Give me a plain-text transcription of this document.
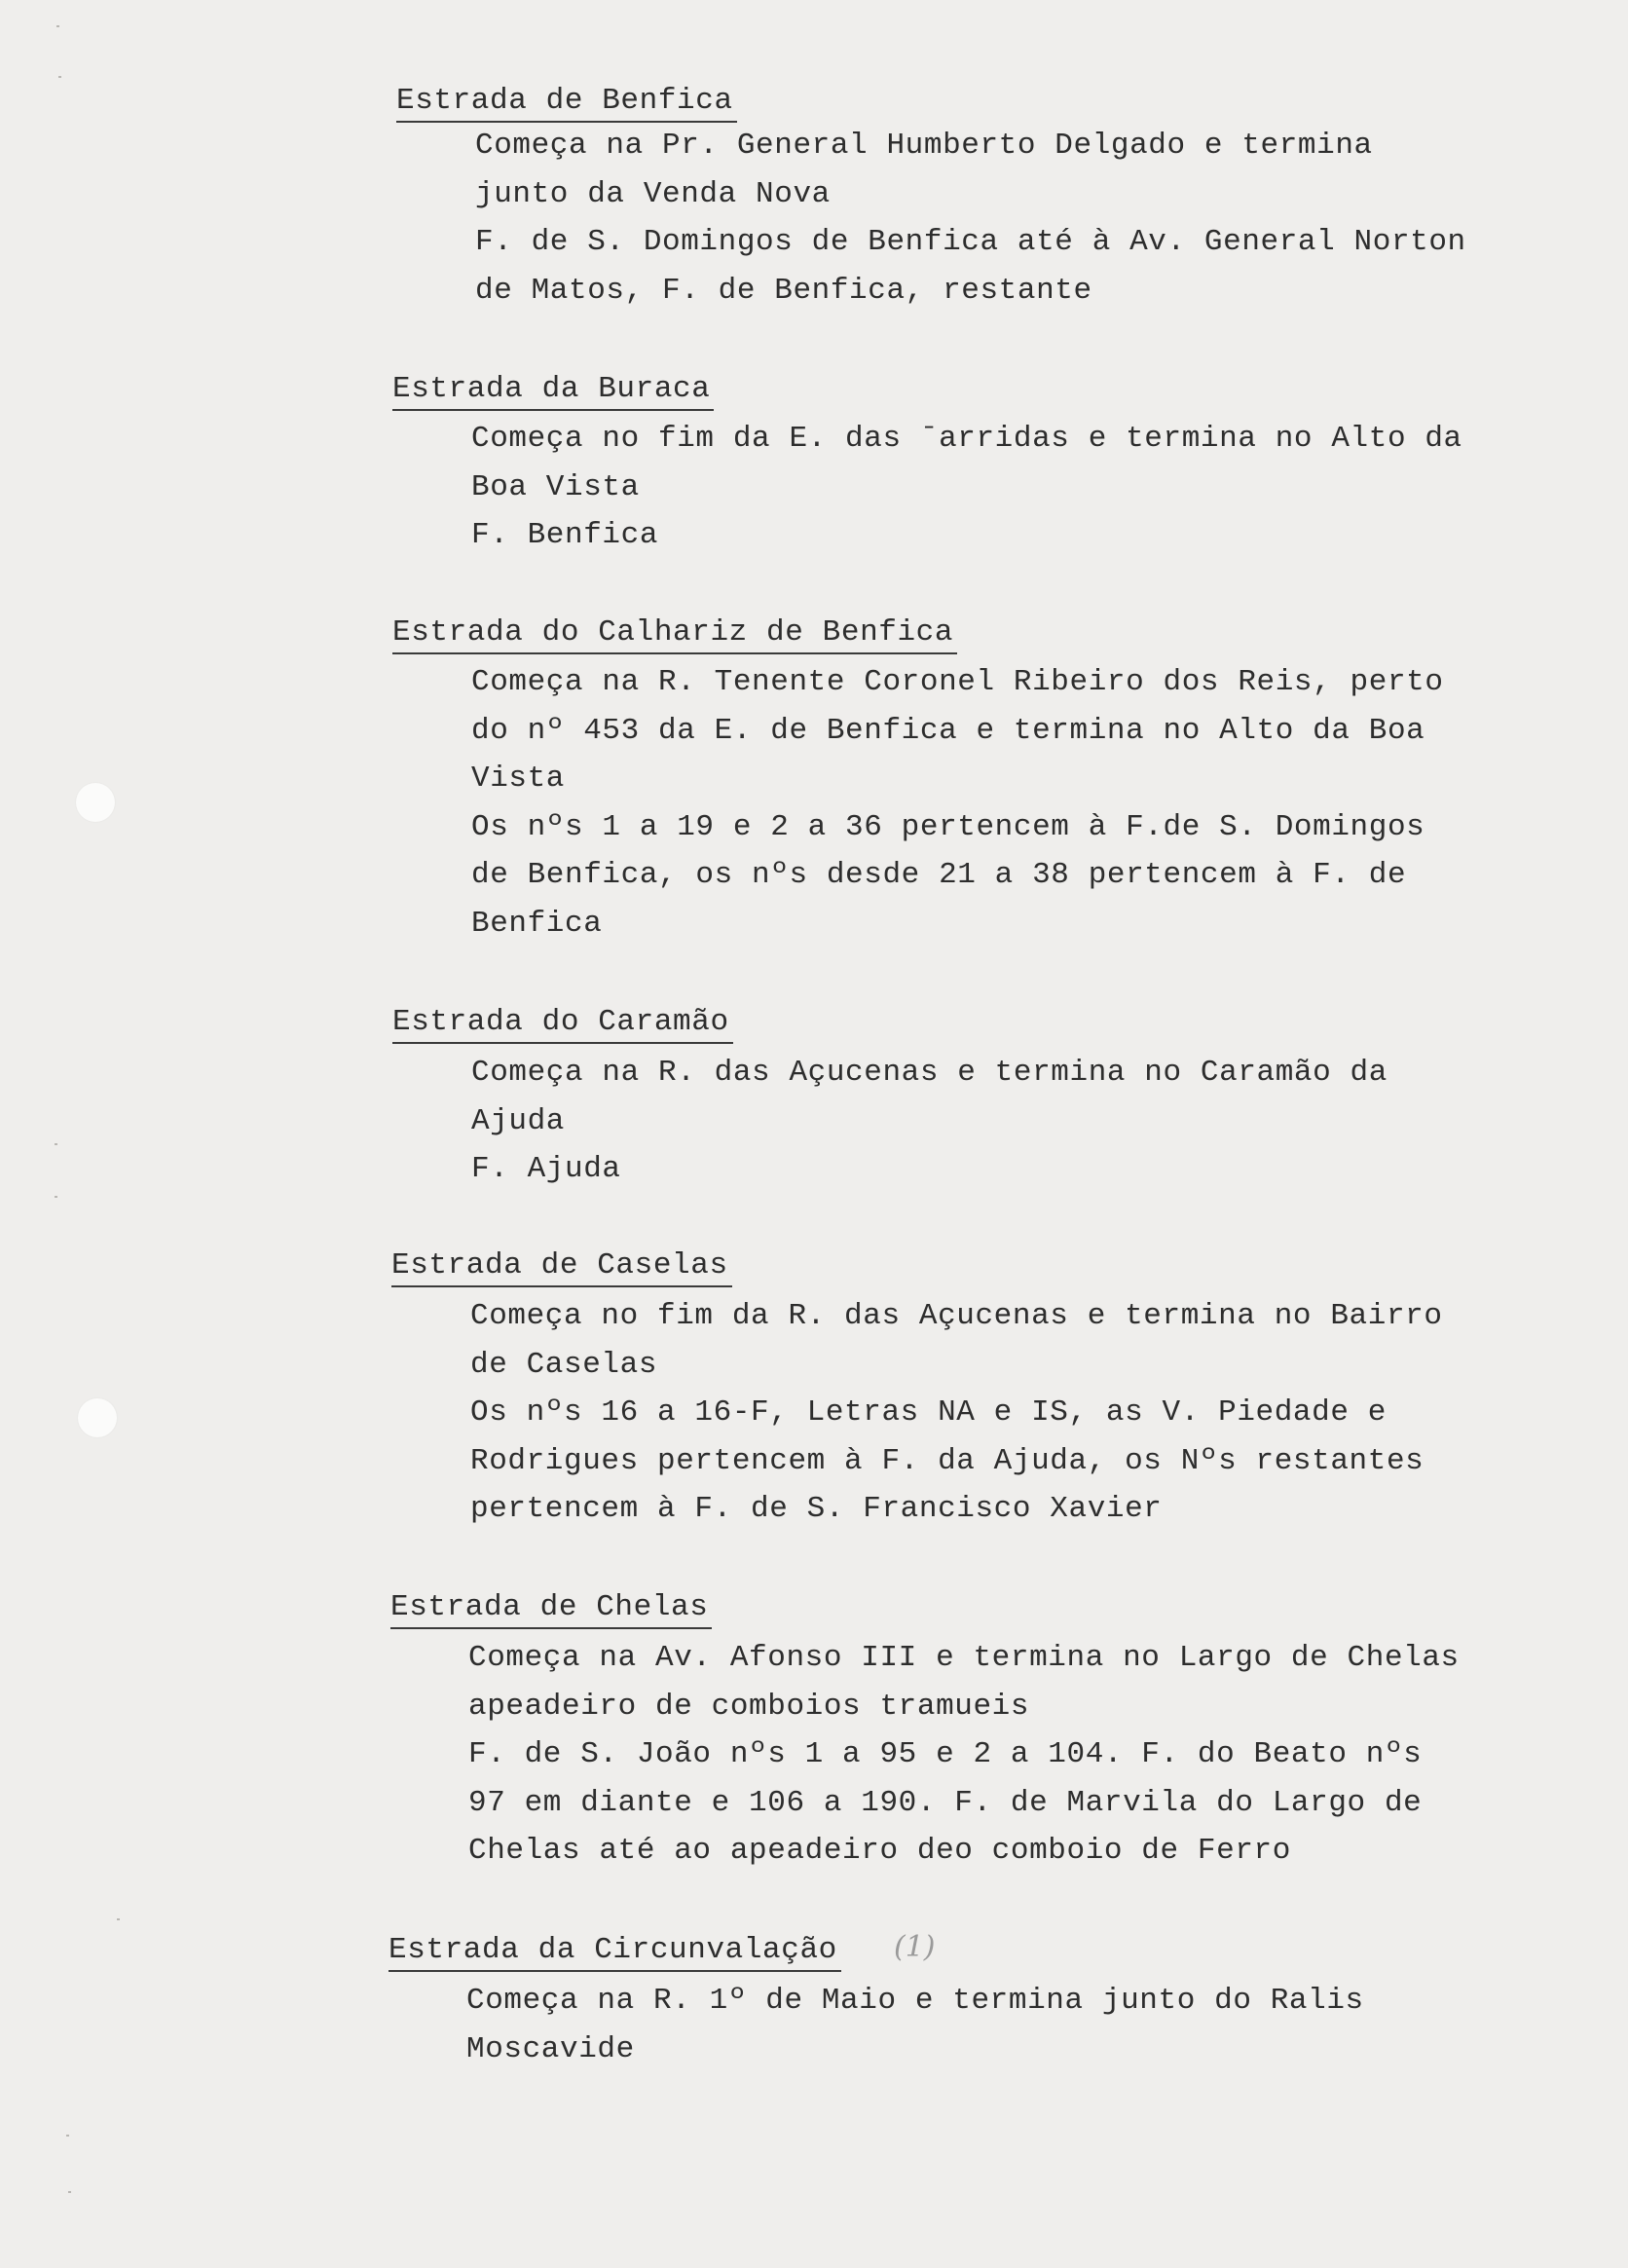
Estrada de Benfica
Começa na Pr. General Humberto Delgado e termina
junto da Venda Nova
F. de S. Domingos de Benfica até à Av. General Norton
de Matos, F. de Benfica, restante
Estrada da Buraca
Começa no fim da E. das ˉarridas e termina no Alto da
Boa Vista
F. Benfica
Estrada do Calhariz de Benfica
Começa na R. Tenente Coronel Ribeiro dos Reis, perto
do nº 453 da E. de Benfica e termina no Alto da Boa
Vista
Os nºs 1 a 19 e 2 a 36 pertencem à F.de S. Domingos
de Benfica, os nºs desde 21 a 38 pertencem à F. de
Benfica
Estrada do Caramão
Começa na R. das Açucenas e termina no Caramão da
Ajuda
F. Ajuda
Estrada de Caselas
Começa no fim da R. das Açucenas e termina no Bairro
de Caselas
Os nºs 16 a 16-F, Letras NA e IS, as V. Piedade e
Rodrigues pertencem à F. da Ajuda, os Nºs restantes
pertencem à F. de S. Francisco Xavier
Estrada de Chelas
Começa na Av. Afonso III e termina no Largo de Chelas
apeadeiro de comboios tramueis
F. de S. João nºs 1 a 95 e 2 a 104. F. do Beato nºs
97 em diante e 106 a 190. F. de Marvila do Largo de
Chelas até ao apeadeiro deo comboio de Ferro
Estrada da Circunvalação (1)
Começa na R. 1º de Maio e termina junto do Ralis
Moscavide
